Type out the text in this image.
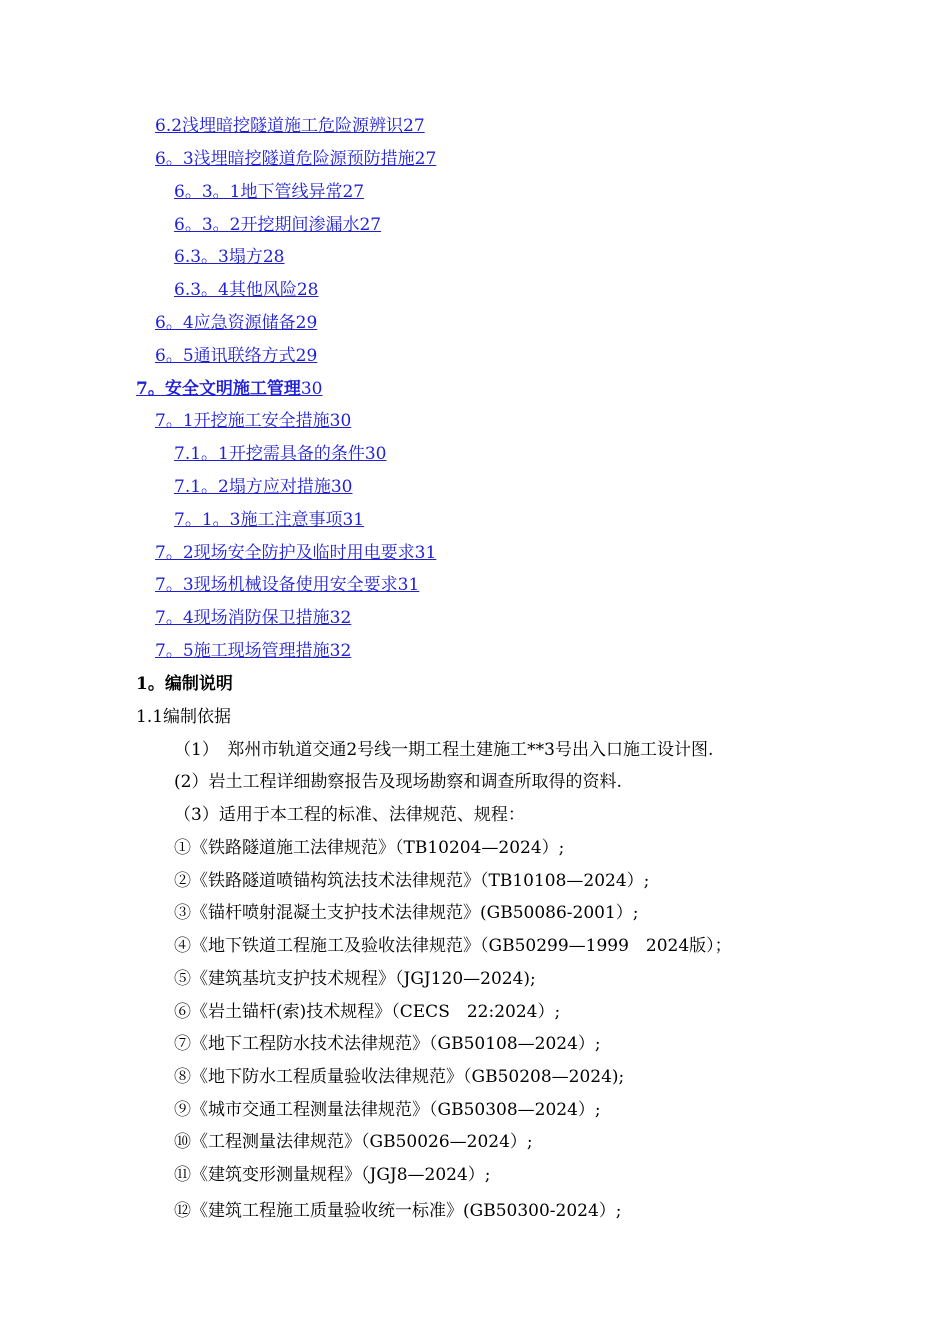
6.2浅埋暗挖隧道施工危险源辨识27
6。3浅埋暗挖隧道危险源预防措施27
6。3。1地下管线异常27
6。3。2开挖期间渗漏水27
6.3。3塌方28
6.3。4其他风险28
6。4应急资源储备29
6。5通讯联络方式29
7。安全文明施工管理30
7。1开挖施工安全措施30
7.1。1开挖需具备的条件30
7.1。2塌方应对措施30
7。1。3施工注意事项31
7。2现场安全防护及临时用电要求31
7。3现场机械设备使用安全要求31
7。4现场消防保卫措施32
7。5施工现场管理措施32
1。编制说明
1.1编制依据
（1）　郑州市轨道交通2号线一期工程土建施工**3号出入口施工设计图.
(2）岩土工程详细勘察报告及现场勘察和调查所取得的资料.
（3）适用于本工程的标准、法律规范、规程：
①《铁路隧道施工法律规范》（TB10204—2024）;
②《铁路隧道喷锚构筑法技术法律规范》（TB10108—2024）;
③《锚杆喷射混凝土支护技术法律规范》(GB50086-2001）;
④《地下铁道工程施工及验收法律规范》（GB50299—1999　2024版）；
⑤《建筑基坑支护技术规程》（JGJ120—2024);
⑥《岩土锚杆(索)技术规程》（CECS　22:2024）;
⑦《地下工程防水技术法律规范》（GB50108—2024）;
⑧《地下防水工程质量验收法律规范》（GB50208—2024);
⑨《城市交通工程测量法律规范》（GB50308—2024）;
⑩《工程测量法律规范》（GB50026—2024）;
⑪《建筑变形测量规程》（JGJ8—2024）;
⑫《建筑工程施工质量验收统一标准》(GB50300-2024）;
